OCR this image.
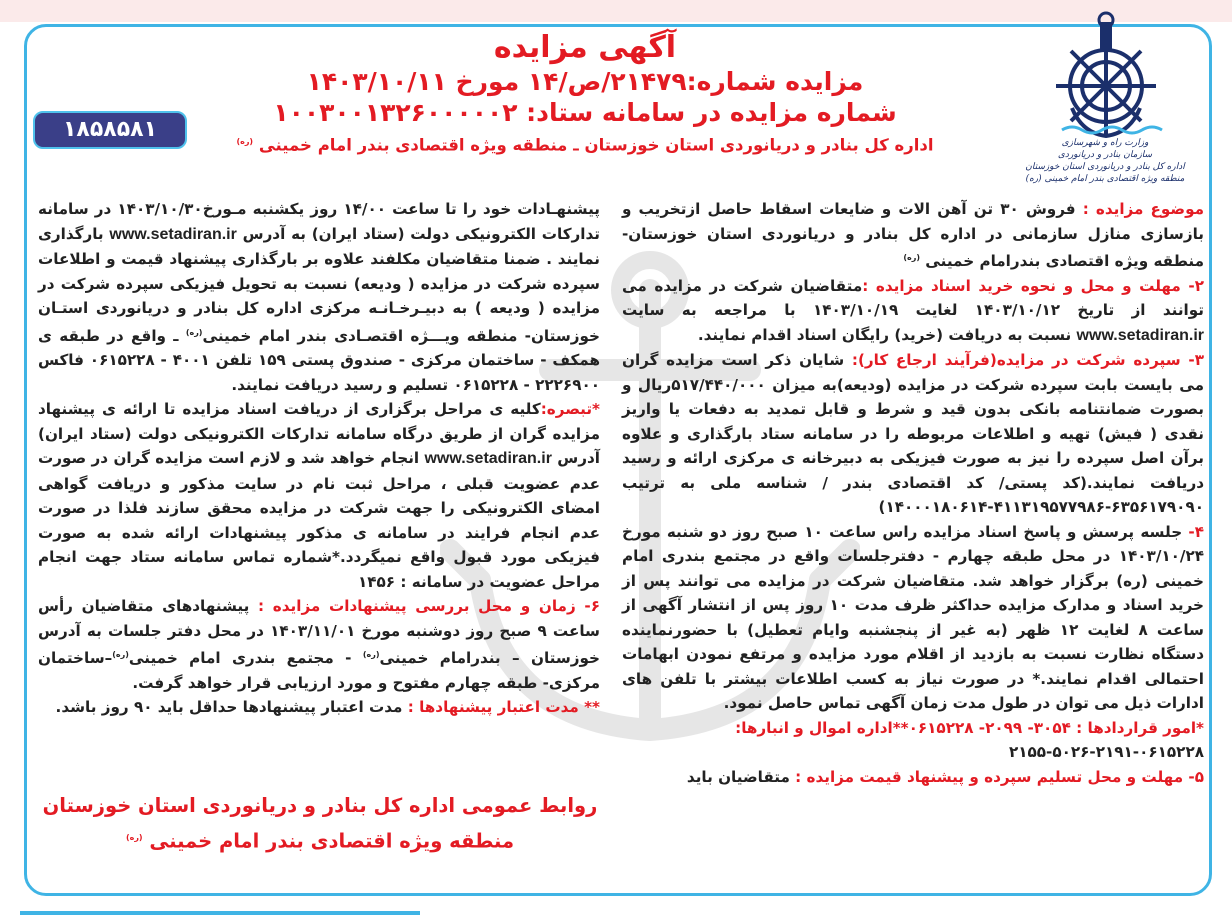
وزارت راه و شهرسازی
سازمان بنادر و دریانوردی
اداره کل بنادر و دریانوردی استان خوزستان
منطقه ویژه اقتصادی بندر امام خمینی (ره)
آگهی مزایده
مزایده شماره:۲۱۴۷۹/ص/۱۴ مورخ ۱۴۰۳/۱۰/۱۱
شماره مزایده در سامانه ستاد: ۱۰۰۳۰۰۱۳۲۶۰۰۰۰۰۲
اداره کل بنادر و دریانوردی استان خوزستان ـ منطقه ویژه اقتصادی بندر امام خمینی $^{(ره)}$
۱۸۵۸۵۸۱

موضوع مزایده : فروش ۳۰ تن آهن الات و ضایعات اسقاط حاصل ازتخریب و بازسازی منازل سازمانی در اداره کل بنادر و دریانوردی استان خوزستان- منطقه ویژه اقتصادی بندرامام خمینی $^{(ره)}$

۲- مهلت و محل و نحوه خرید اسناد مزایده :متقاضیان شرکت در مزایده می توانند از تاریخ ۱۴۰۳/۱۰/۱۲ لغایت ۱۴۰۳/۱۰/۱۹ با مراجعه به سایت www.setadiran.ir نسبت به دریافت (خرید) رایگان اسناد اقدام نمایند.

۳- سپرده شرکت در مزایده(فرآیند ارجاع کار): شایان ذکر است مزایده گران می بایست بابت سپرده شرکت در مزایده (ودیعه)به میزان ۵۱۷/۴۴۰/۰۰۰ریال و بصورت ضمانتنامه بانکی بدون قید و شرط و قابل تمدید به دفعات یا واریز نقدی ( فیش) تهیه و اطلاعات مربوطه را در سامانه ستاد بارگذاری و علاوه برآن اصل سپرده را نیز به صورت فیزیکی به دبیرخانه ی مرکزی ارائه و رسید دریافت نمایند.(کد پستی/ کد اقتصادی بندر / شناسه ملی به ترتیب ۶۳۵۶۱۷۹۰۹۰-۴۱۱۳۱۹۵۷۷۹۸۶-۱۴۰۰۰۱۸۰۶۱۴)

۴- جلسه پرسش و پاسخ اسناد مزایده راس ساعت ۱۰ صبح روز دو شنبه مورخ ۱۴۰۳/۱۰/۲۴ در محل طبقه چهارم - دفترجلسات واقع در مجتمع بندری امام خمینی (ره) برگزار خواهد شد. متقاضیان شرکت در مزایده می توانند پس از خرید اسناد و مدارک مزایده حداکثر ظرف مدت ۱۰ روز پس از انتشار آگهی از ساعت ۸ لغایت ۱۲ ظهر (به غیر از پنجشنبه وایام تعطیل) با حضورنماینده دستگاه نظارت نسبت به بازدید از اقلام مورد مزایده و مرتفع نمودن ابهامات احتمالی اقدام نمایند.* در صورت نیاز به کسب اطلاعات بیشتر با تلفن های ادارات ذیل می توان در طول مدت زمان آگهی تماس حاصل نمود.

*امور قراردادها : ۳۰۵۴- ۲۰۹۹- ۰۶۱۵۲۲۸**اداره اموال و انبارها:

۲۱۵۵-۵۰۲۶-۲۱۹۱-۰۶۱۵۲۲۸

۵- مهلت و محل تسلیم سپرده و پیشنهاد قیمت مزایده : متقاضیان باید

پیشنهـادات خود را تا ساعت ۱۴/۰۰ روز یکشنبه مـورخ۱۴۰۳/۱۰/۳۰ در سامانه تدارکات الکترونیکی دولت (ستاد ایران) به آدرس www.setadiran.ir بارگذاری نمایند . ضمنا متقاضیان مکلفند علاوه بر بارگذاری پیشنهاد قیمت و اطلاعات سپرده شرکت در مزایده ( ودیعه) نسبت به تحویل فیزیکی سپرده شرکت در مزایده ( ودیعه ) به دبیـرخـانـه مرکزی اداره کل بنادر و دریانوردی استـان خوزستان- منطقه ویـــژه اقتصـادی بندر امام خمینی$^{(ره)}$ ـ واقع در طبقه ی همکف - ساختمان مرکزی - صندوق پستی ۱۵۹ تلفن ۴۰۰۱ - ۰۶۱۵۲۲۸ فاکس ۲۲۲۶۹۰۰ - ۰۶۱۵۲۲۸ تسلیم و رسید دریافت نمایند.

*تبصره:کلیه ی مراحل برگزاری از دریافت اسناد مزایده تا ارائه ی پیشنهاد مزایده گران از طریق درگاه سامانه تدارکات الکترونیکی دولت (ستاد ایران) آدرس www.setadiran.ir انجام خواهد شد و لازم است مزایده گران در صورت عدم عضویت قبلی ، مراحل ثبت نام در سایت مذکور و دریافت گواهی امضای الکترونیکی را جهت شرکت در مزایده محقق سازند فلذا در صورت عدم انجام فرایند در سامانه ی مذکور پیشنهادات ارائه شده به صورت فیزیکی مورد قبول واقع نمیگردد.*شماره تماس سامانه ستاد جهت انجام مراحل عضویت در سامانه : ۱۴۵۶

۶- زمان و محل بررسی پیشنهادات مزایده : پیشنهادهای متقاضیان رأس ساعت ۹ صبح روز دوشنبه مورخ ۱۴۰۳/۱۱/۰۱ در محل دفتر جلسات به آدرس خوزستان – بندرامام خمینی$^{(ره)}$ - مجتمع بندری امام خمینی$^{(ره)}$–ساختمان مرکزی- طبقه چهارم مفتوح و مورد ارزیابی قرار خواهد گرفت.

** مدت اعتبار پیشنهادها : مدت اعتبار پیشنهادها حداقل باید ۹۰ روز باشد.

روابط عمومی اداره کل بنادر و دریانوردی استان خوزستان
منطقه ویژه اقتصادی بندر امام خمینی $^{(ره)}$
